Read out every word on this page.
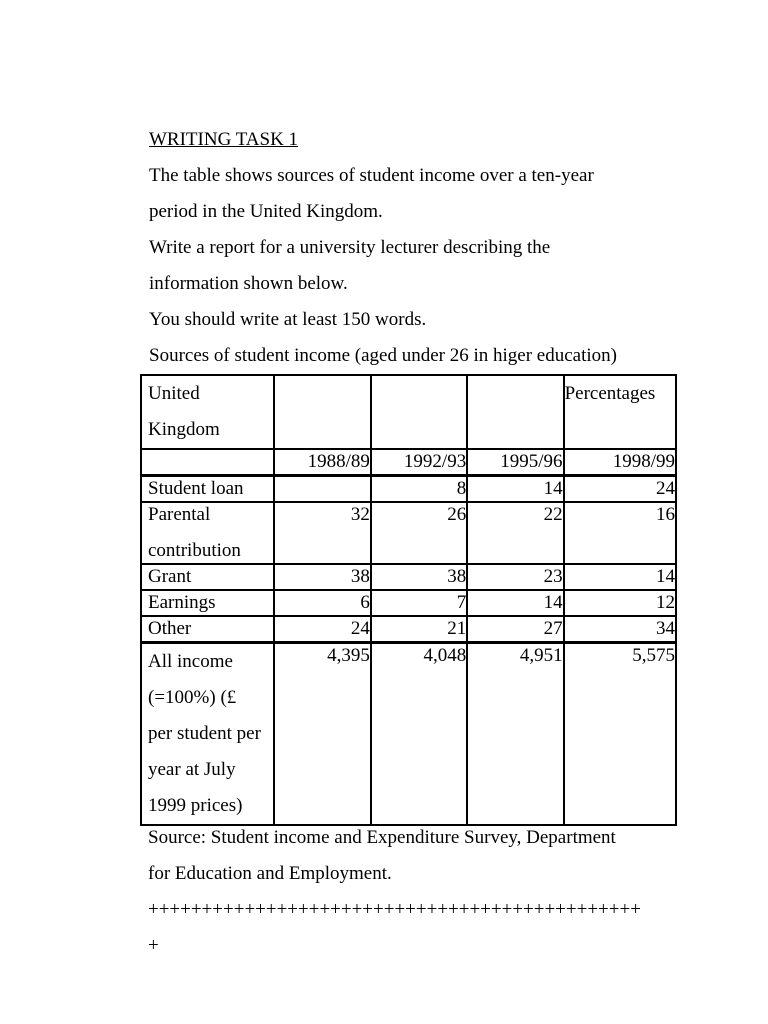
WRITING TASK 1
The table shows sources of student income over a ten-year
period in the United Kingdom.
Write a report for a university lecturer describing the
information shown below.
You should write at least 150 words.
Sources of student income (aged under 26 in higer education)
United
Kingdom				Percentages
	1988/89	1992/93	1995/96	1998/99
Student loan		8	14	24

Parental
contribution	32	26	22	16
Grant	38	38	23	14
Earnings	6	7	14	12
Other	24	21	27	34

All income
(=100%) (£
per student per
year at July
1999 prices)	4,395	4,048	4,951	5,575
Source: Student income and Expenditure Survey, Department
for Education and Employment.
++++++++++++++++++++++++++++++++++++++++++++++
+
